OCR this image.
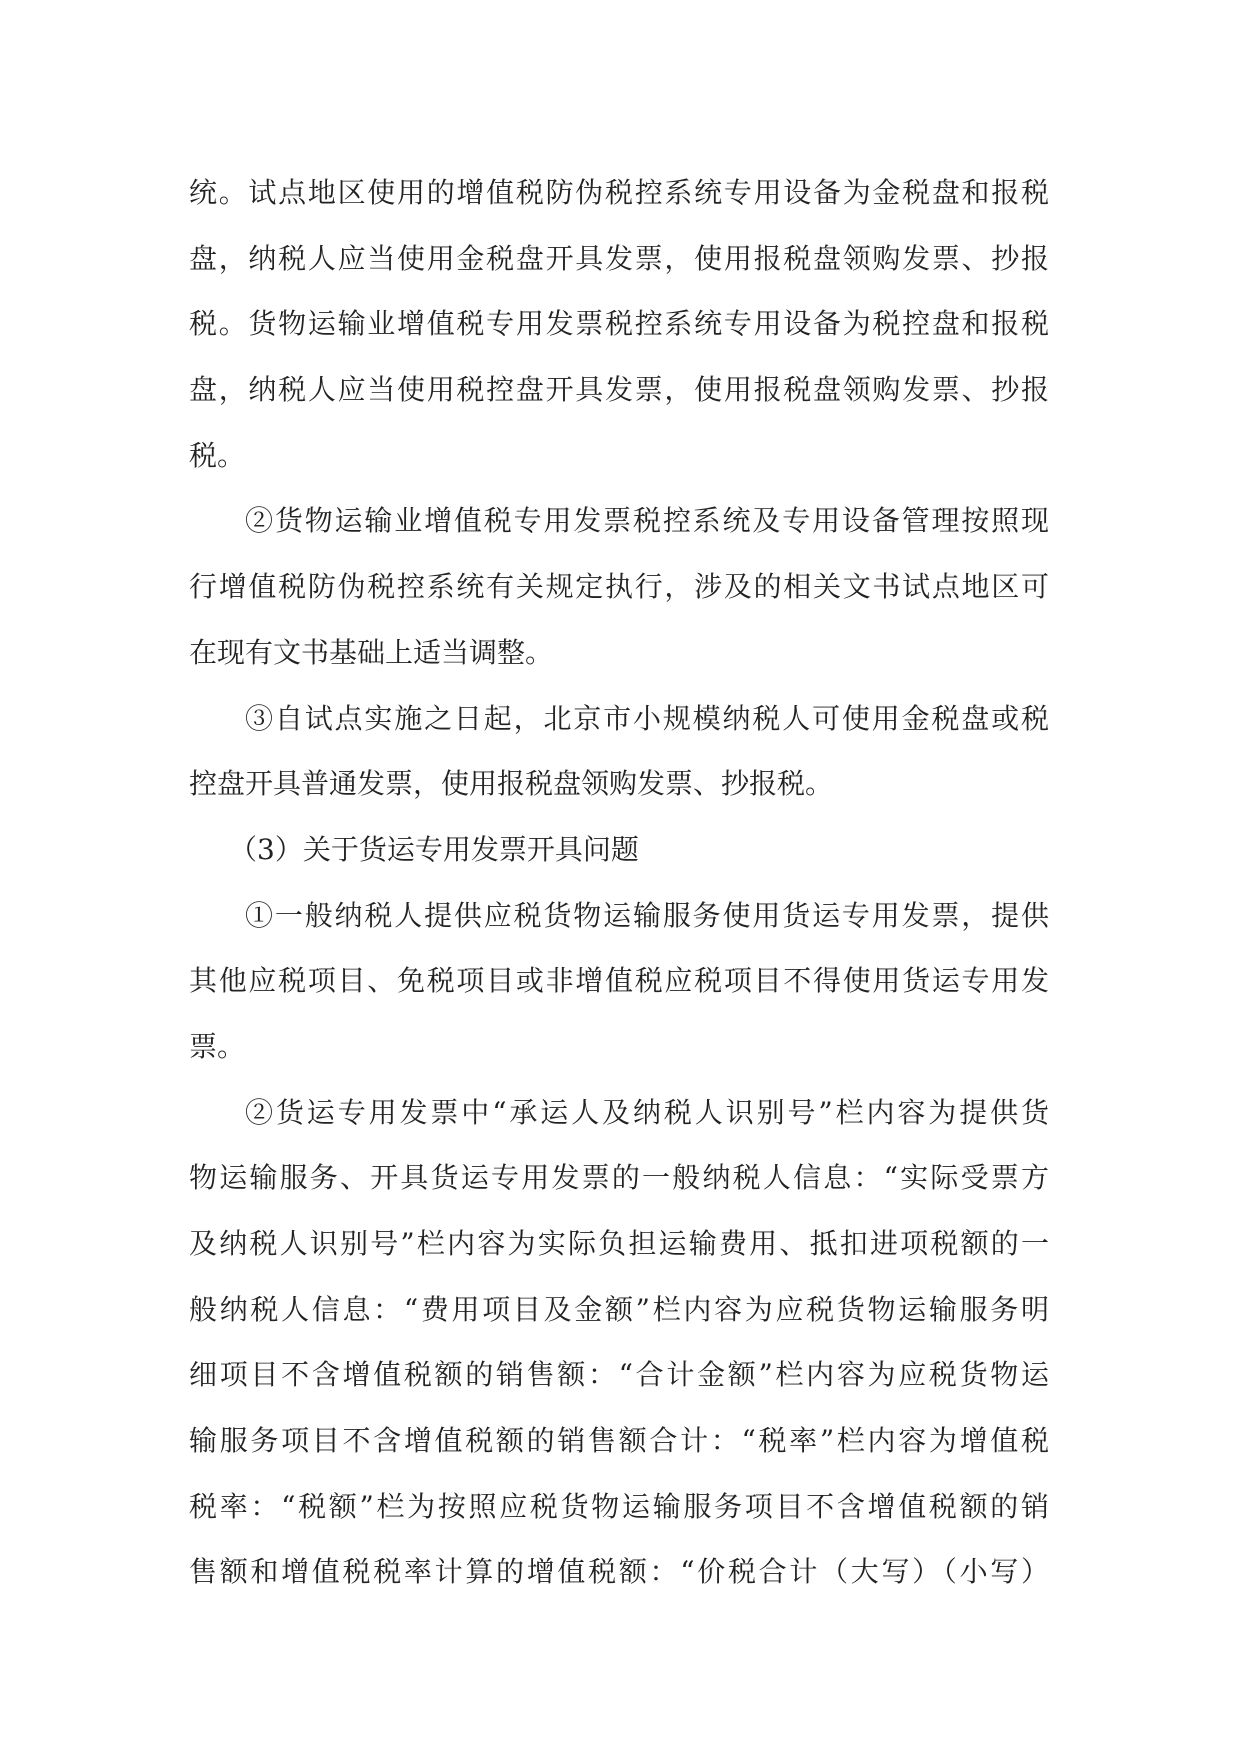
统。试点地区使用的增值税防伪税控系统专用设备为金税盘和报税
盘，纳税人应当使用金税盘开具发票，使用报税盘领购发票、抄报
税。货物运输业增值税专用发票税控系统专用设备为税控盘和报税
盘，纳税人应当使用税控盘开具发票，使用报税盘领购发票、抄报
税。
②货物运输业增值税专用发票税控系统及专用设备管理按照现
行增值税防伪税控系统有关规定执行，涉及的相关文书试点地区可
在现有文书基础上适当调整。
③自试点实施之日起，北京市小规模纳税人可使用金税盘或税
控盘开具普通发票，使用报税盘领购发票、抄报税。
（3）关于货运专用发票开具问题
①一般纳税人提供应税货物运输服务使用货运专用发票，提供
其他应税项目、免税项目或非增值税应税项目不得使用货运专用发
票。
②货运专用发票中“承运人及纳税人识别号”栏内容为提供货
物运输服务、开具货运专用发票的一般纳税人信息：“实际受票方
及纳税人识别号”栏内容为实际负担运输费用、抵扣进项税额的一
般纳税人信息：“费用项目及金额”栏内容为应税货物运输服务明
细项目不含增值税额的销售额：“合计金额”栏内容为应税货物运
输服务项目不含增值税额的销售额合计：“税率”栏内容为增值税
税率：“税额”栏为按照应税货物运输服务项目不含增值税额的销
售额和增值税税率计算的增值税额：“价税合计（大写）（小写）
